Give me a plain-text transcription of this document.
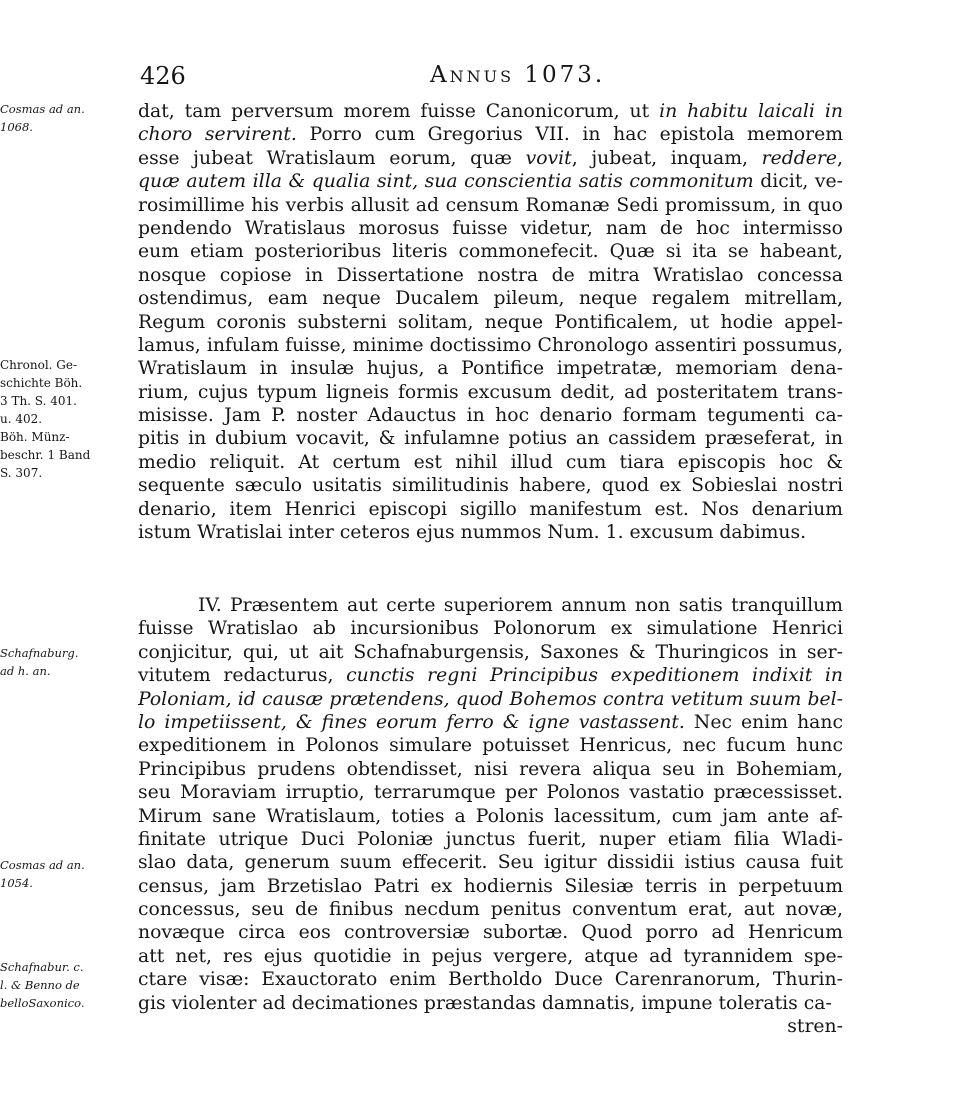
426	Annus 1073.
Cosmas ad an.
1068.
Chronol. Ge-
schichte Böh.
3 Th. S. 401.
u. 402.
Böh. Münz-
beschr. 1 Band
S. 307.
Schafnaburg.
ad h. an.
Cosmas ad an.
1054.
Schafnabur. c.
l. & Benno de
belloSaxonico.
dat, tam perversum morem fuisse Canonicorum, ut in habitu laicali in
choro servirent. Porro cum Gregorius VII. in hac epistola memorem
esse jubeat Wratislaum eorum, quæ vovit, jubeat, inquam, reddere,
quæ autem illa & qualia sint, sua conscientia satis commonitum dicit, ve-
rosimillime his verbis allusit ad censum Romanæ Sedi promissum, in quo
pendendo Wratislaus morosus fuisse videtur, nam de hoc intermisso
eum etiam posterioribus literis commonefecit. Quæ si ita se habeant,
nosque copiose in Dissertatione nostra de mitra Wratislao concessa
ostendimus, eam neque Ducalem pileum, neque regalem mitrellam,
Regum coronis substerni solitam, neque Pontificalem, ut hodie appel-
lamus, infulam fuisse, minime doctissimo Chronologo assentiri possumus,
Wratislaum in insulæ hujus, a Pontifice impetratæ, memoriam dena-
rium, cujus typum ligneis formis excusum dedit, ad posteritatem trans-
misisse. Jam P. noster Adauctus in hoc denario formam tegumenti ca-
pitis in dubium vocavit, & infulamne potius an cassidem præseferat, in
medio reliquit. At certum est nihil illud cum tiara episcopis hoc &
sequente sæculo usitatis similitudinis habere, quod ex Sobieslai nostri
denario, item Henrici episcopi sigillo manifestum est. Nos denarium
istum Wratislai inter ceteros ejus nummos Num. 1. excusum dabimus.
IV. Præsentem aut certe superiorem annum non satis tranquillum
fuisse Wratislao ab incursionibus Polonorum ex simulatione Henrici
conjicitur, qui, ut ait Schafnaburgensis, Saxones & Thuringicos in ser-
vitutem redacturus, cunctis regni Principibus expeditionem indixit in
Poloniam, id causæ prætendens, quod Bohemos contra vetitum suum bel-
lo impetiissent, & fines eorum ferro & igne vastassent. Nec enim hanc
expeditionem in Polonos simulare potuisset Henricus, nec fucum hunc
Principibus prudens obtendisset, nisi revera aliqua seu in Bohemiam,
seu Moraviam irruptio, terrarumque per Polonos vastatio præcessisset.
Mirum sane Wratislaum, toties a Polonis lacessitum, cum jam ante af-
finitate utrique Duci Poloniæ junctus fuerit, nuper etiam filia Wladi-
slao data, generum suum effecerit. Seu igitur dissidii istius causa fuit
census, jam Brzetislao Patri ex hodiernis Silesiæ terris in perpetuum
concessus, seu de finibus necdum penitus conventum erat, aut novæ,
novæque circa eos controversiæ subortæ. Quod porro ad Henricum
att net, res ejus quotidie in pejus vergere, atque ad tyrannidem spe-
ctare visæ: Exauctorato enim Bertholdo Duce Carenranorum, Thurin-
gis violenter ad decimationes præstandas damnatis, impune toleratis ca-
stren-
